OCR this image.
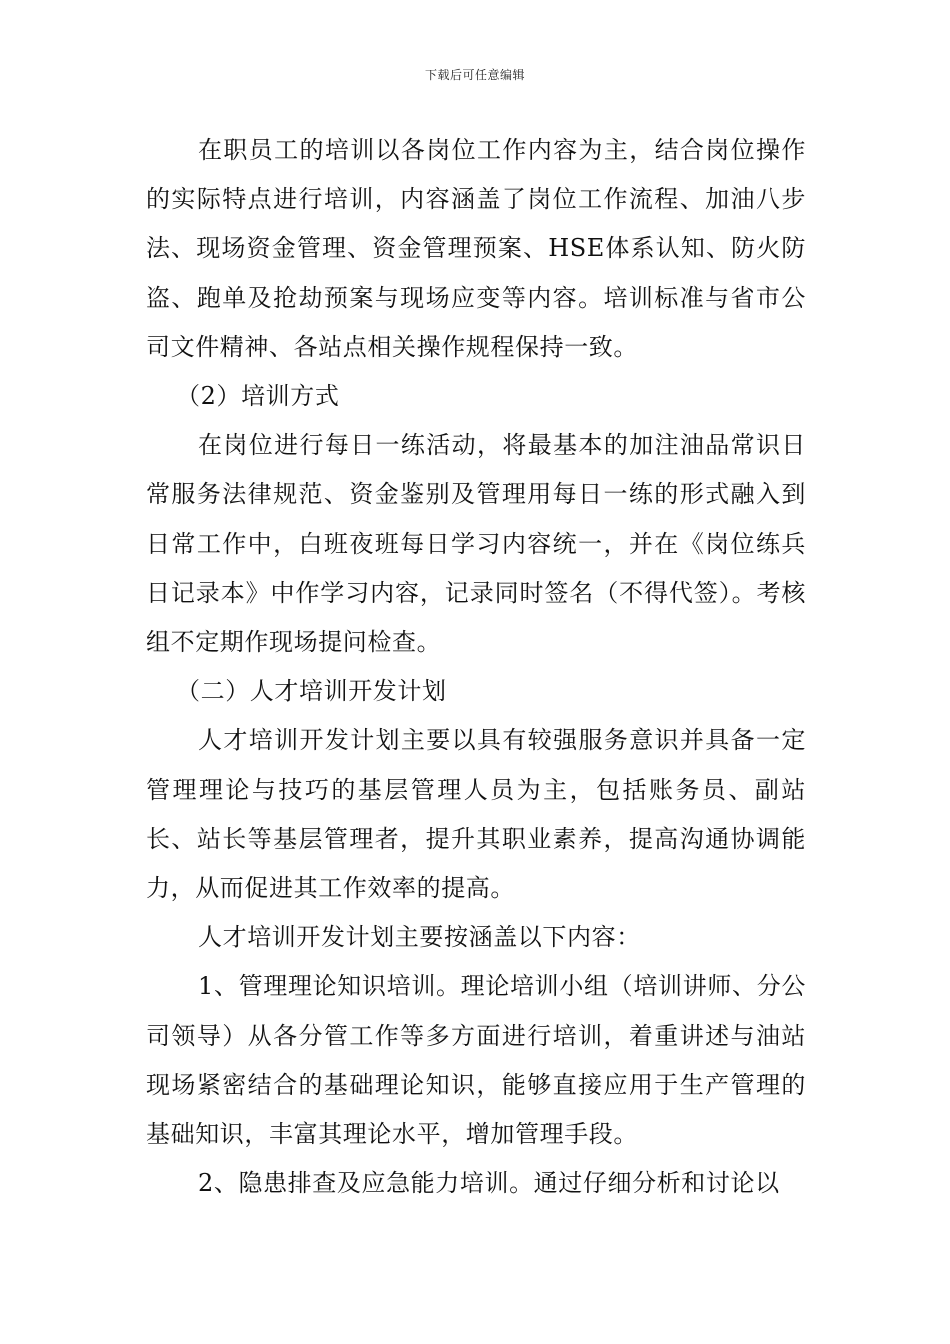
下载后可任意编辑

在职员工的培训以各岗位工作内容为主，结合岗位操作的实际特点进行培训，内容涵盖了岗位工作流程、加油八步法、现场资金管理、资金管理预案、HSE体系认知、防火防盗、跑单及抢劫预案与现场应变等内容。培训标准与省市公司文件精神、各站点相关操作规程保持一致。

（2）培训方式

在岗位进行每日一练活动，将最基本的加注油品常识日常服务法律规范、资金鉴别及管理用每日一练的形式融入到日常工作中，白班夜班每日学习内容统一，并在《岗位练兵日记录本》中作学习内容，记录同时签名（不得代签）。考核组不定期作现场提问检查。

（二）人才培训开发计划

人才培训开发计划主要以具有较强服务意识并具备一定管理理论与技巧的基层管理人员为主，包括账务员、副站长、站长等基层管理者，提升其职业素养，提高沟通协调能力，从而促进其工作效率的提高。

人才培训开发计划主要按涵盖以下内容：

1、管理理论知识培训。理论培训小组（培训讲师、分公司领导）从各分管工作等多方面进行培训，着重讲述与油站现场紧密结合的基础理论知识，能够直接应用于生产管理的基础知识，丰富其理论水平，增加管理手段。

2、隐患排查及应急能力培训。通过仔细分析和讨论以
